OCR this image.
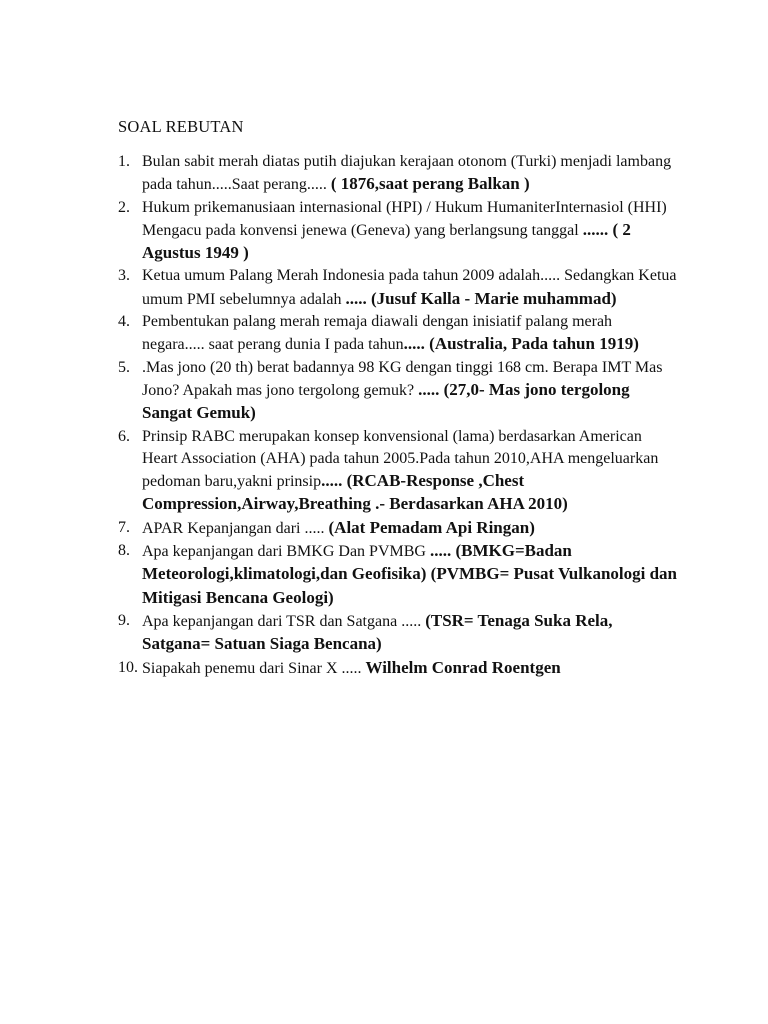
SOAL REBUTAN
1. Bulan sabit merah diatas putih diajukan kerajaan otonom (Turki) menjadi lambang pada tahun.....Saat perang..... ( 1876,saat perang Balkan )
2. Hukum prikemanusiaan internasional (HPI) / Hukum HumaniterInternasiol (HHI) Mengacu pada konvensi jenewa (Geneva) yang berlangsung tanggal ...... ( 2 Agustus 1949 )
3. Ketua umum Palang Merah Indonesia pada tahun 2009 adalah..... Sedangkan Ketua umum PMI sebelumnya adalah ..... (Jusuf Kalla - Marie muhammad)
4. Pembentukan palang merah remaja diawali dengan inisiatif palang merah negara..... saat perang dunia I pada tahun..... (Australia, Pada tahun 1919)
5. .Mas jono (20 th) berat badannya 98 KG dengan tinggi 168 cm. Berapa IMT Mas Jono? Apakah mas jono tergolong gemuk? ..... (27,0- Mas jono tergolong Sangat Gemuk)
6. Prinsip RABC merupakan konsep konvensional (lama) berdasarkan American Heart Association (AHA) pada tahun 2005.Pada tahun 2010,AHA mengeluarkan pedoman baru,yakni prinsip..... (RCAB-Response ,Chest Compression,Airway,Breathing .- Berdasarkan AHA 2010)
7. APAR Kepanjangan dari ..... (Alat Pemadam Api Ringan)
8. Apa kepanjangan dari BMKG Dan PVMBG ..... (BMKG=Badan Meteorologi,klimatologi,dan Geofisika) (PVMBG= Pusat Vulkanologi dan Mitigasi Bencana Geologi)
9. Apa kepanjangan dari TSR dan Satgana ..... (TSR= Tenaga Suka Rela, Satgana= Satuan Siaga Bencana)
10. Siapakah penemu dari Sinar X ..... Wilhelm Conrad Roentgen
